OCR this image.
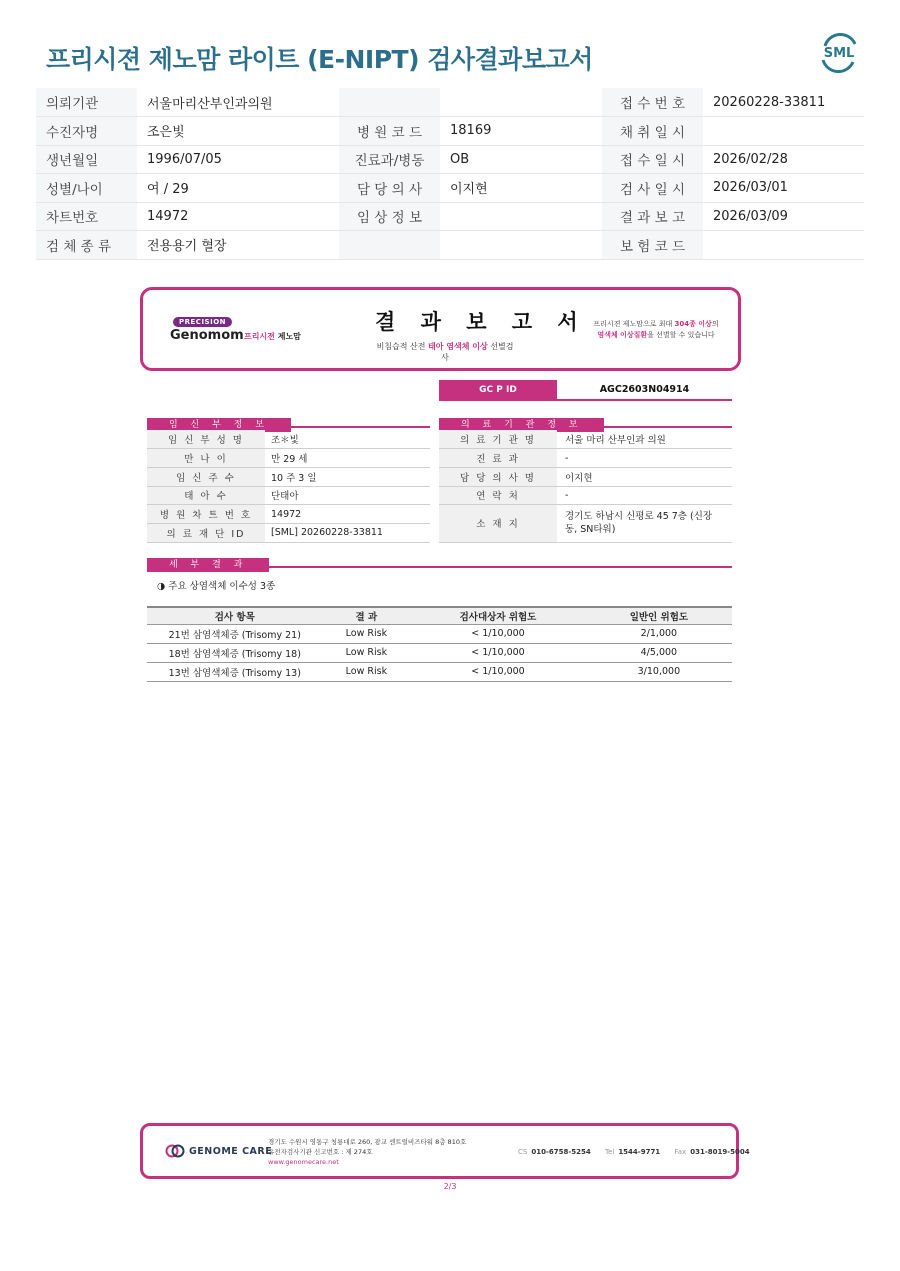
프리시젼 제노맘 라이트 (E-NIPT) 검사결과보고서	SML
의뢰기관	서울마리산부인과의원			접 수 번 호	20260228-33811
수진자명	조은빛	병 원 코 드	18169	채 취 일 시	
생년월일	1996/07/05	진료과/병동	OB	접 수 일 시	2026/02/28
성별/나이	여 / 29	담 당 의 사	이지현	검 사 일 시	2026/03/01
차트번호	14972	임 상 정 보		결 과 보 고	2026/03/09
검 체 종 류	전용용기 혈장			보 험 코 드	
PRECISION
Genomom 프리시젼 제노맘
결 과 보 고 서
비침습적 산전 태아 염색체 이상 선별검사
프리시젼 제노맘으로 최대 304종 이상의
염색체 이상질환을 선별할 수 있습니다
GC P ID	AGC2603N04914
임 신 부 정 보	의 료 기 관 정 보
임 신 부 성 명	조＊빛
만 나 이	만 29 세
임 신 주 수	10 주 3 일
태 아 수	단태아
병 원 차 트 번 호	14972
의 료 재 단 ID	[SML] 20260228-33811
의 료 기 관 명	서울 마리 산부인과 의원
진 료 과	-
담 당 의 사 명	이지현
연 락 처	-
소 재 지	경기도 하남시 신평로 45 7층 (신장동, SN타워)
세 부 결 과
◑ 주요 상염색체 이수성 3종
검사 항목	결 과	검사대상자 위험도	일반인 위험도
21번 삼염색체증 (Trisomy 21)	Low Risk	< 1/10,000	2/1,000
18번 삼염색체증 (Trisomy 18)	Low Risk	< 1/10,000	4/5,000
13번 삼염색체증 (Trisomy 13)	Low Risk	< 1/10,000	3/10,000
GENOME CARE
경기도 수원시 영통구 청룡대로 260, 광교 센트럴비즈타워 8층 810호
유전자검사기관 신고번호 : 제 274호
www.genomecare.net
CS 010-6758-5254 Tel 1544-9771 Fax 031-8019-5004
2/3
